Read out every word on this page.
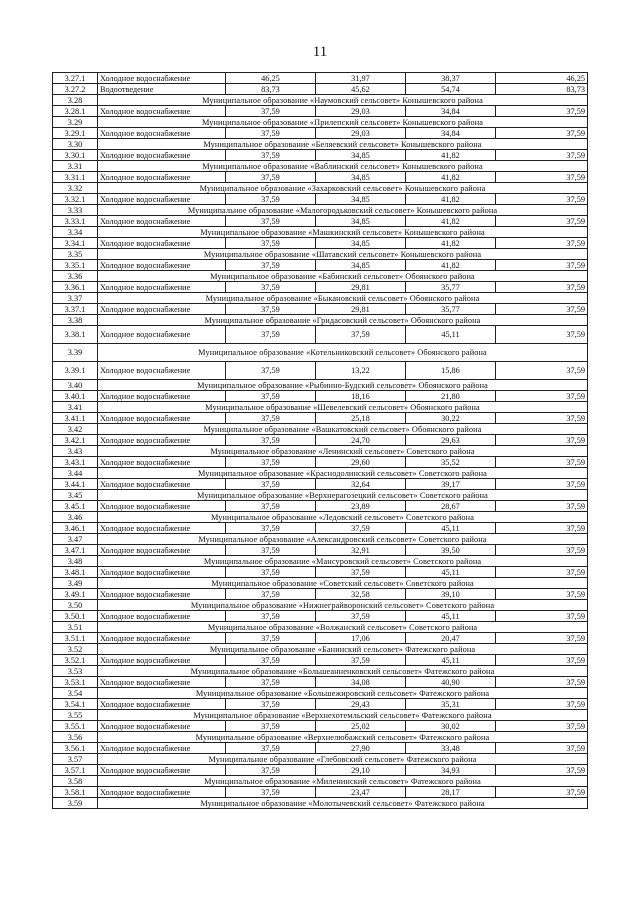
11
3.27.1	Холодное водоснабжение	46,25	31,97	38,37	46,25
3.27.2	Водоотведение	83,73	45,62	54,74	83,73
3.28	Муниципальное образование «Наумовский сельсовет» Конышевского района				
3.28.1	Холодное водоснабжение	37,59	29,03	34,84	37,59
3.29	Муниципальное образование «Прилепский сельсовет» Конышевского района				
3.29.1	Холодное водоснабжение	37,59	29,03	34,84	37,59
3.30	Муниципальное образование «Беляевский сельсовет» Конышевского района				
3.30.1	Холодное водоснабжение	37,59	34,85	41,82	37,59
3.31	Муниципальное образование «Ваблинский сельсовет» Конышевского района				
3.31.1	Холодное водоснабжение	37,59	34,85	41,82	37,59
3.32	Муниципальное образование «Захарковский сельсовет» Конышевского района				
3.32.1	Холодное водоснабжение	37,59	34,85	41,82	37,59
3.33	Муниципальное образование «Малогородьковский сельсовет» Конышевского района				
3.33.1	Холодное водоснабжение	37,59	34,85	41,82	37,59
3.34	Муниципальное образование «Машкинский сельсовет» Конышевского района				
3.34.1	Холодное водоснабжение	37,59	34,85	41,82	37,59
3.35	Муниципальное образование «Шатавский сельсовет» Конышевского района				
3.35.1	Холодное водоснабжение	37,59	34,85	41,82	37,59
3.36	Муниципальное образование «Бабинский сельсовет» Обоянского района				
3.36.1	Холодное водоснабжение	37,59	29,81	35,77	37,59
3.37	Муниципальное образование «Быкановский сельсовет» Обоянского района				
3.37.1	Холодное водоснабжение	37,59	29,81	35,77	37,59
3.38	Муниципальное образование «Гридасовский сельсовет» Обоянского района				
3.38.1	Холодное водоснабжение	37,59	37,59	45,11	37,59
3.39	Муниципальное образование «Котельниковский сельсовет» Обоянского района				
3.39.1	Холодное водоснабжение	37,59	13,22	15,86	37,59
3.40	Муниципальное образование «Рыбинно-Будский сельсовет» Обоянского района				
3.40.1	Холодное водоснабжение	37,59	18,16	21,80	37,59
3.41	Муниципальное образование «Шевелевский сельсовет» Обоянского района				
3.41.1	Холодное водоснабжение	37,59	25,18	30,22	37,59
3.42	Муниципальное образование «Вашкатовский сельсовет» Обоянского района				
3.42.1	Холодное водоснабжение	37,59	24,70	29,63	37,59
3.43	Муниципальное образование «Ленинский сельсовет» Советского района				
3.43.1	Холодное водоснабжение	37,59	29,60	35,52	37,59
3.44	Муниципальное образование «Краснодолинский сельсовет» Советского района				
3.44.1	Холодное водоснабжение	37,59	32,64	39,17	37,59
3.45	Муниципальное образование «Верхнерагозецкий сельсовет» Советского района				
3.45.1	Холодное водоснабжение	37,59	23,89	28,67	37,59
3.46	Муниципальное образование «Ледовский сельсовет» Советского района				
3.46.1	Холодное водоснабжение	37,59	37,59	45,11	37,59
3.47	Муниципальное образование «Александровский сельсовет» Советского района				
3.47.1	Холодное водоснабжение	37,59	32,91	39,50	37,59
3.48	Муниципальное образование «Мансуровский сельсовет» Советского района				
3.48.1	Холодное водоснабжение	37,59	37,59	45,11	37,59
3.49	Муниципальное образование «Советский сельсовет» Советского района				
3.49.1	Холодное водоснабжение	37,59	32,58	39,10	37,59
3.50	Муниципальное образование «Нижнеграйворонский сельсовет» Советского района				
3.50.1	Холодное водоснабжение	37,59	37,59	45,11	37,59
3.51	Муниципальное образование «Волжанский сельсовет» Советского района				
3.51.1	Холодное водоснабжение	37,59	17,06	20,47	37,59
3.52	Муниципальное образование «Банинский сельсовет» Фатежского района				
3.52.1	Холодное водоснабжение	37,59	37,59	45,11	37,59
3.53	Муниципальное образование «Большеанненковский сельсовет» Фатежского района				
3.53.1	Холодное водоснабжение	37,59	34,08	40,90	37,59
3.54	Муниципальное образование «Большежировский сельсовет» Фатежского района				
3.54.1	Холодное водоснабжение	37,59	29,43	35,31	37,59
3.55	Муниципальное образование «Верхнехотемльский сельсовет» Фатежского района				
3.55.1	Холодное водоснабжение	37,59	25,02	30,02	37,59
3.56	Муниципальное образование «Верхнелюбажский сельсовет» Фатежского района				
3.56.1	Холодное водоснабжение	37,59	27,90	33,48	37,59
3.57	Муниципальное образование «Глебовский сельсовет» Фатежского района				
3.57.1	Холодное водоснабжение	37,59	29,10	34,93	37,59
3.58	Муниципальное образование «Миленинский сельсовет» Фатежского района				
3.58.1	Холодное водоснабжение	37,59	23,47	28,17	37,59
3.59	Муниципальное образование «Молотычевский сельсовет» Фатежского района				
